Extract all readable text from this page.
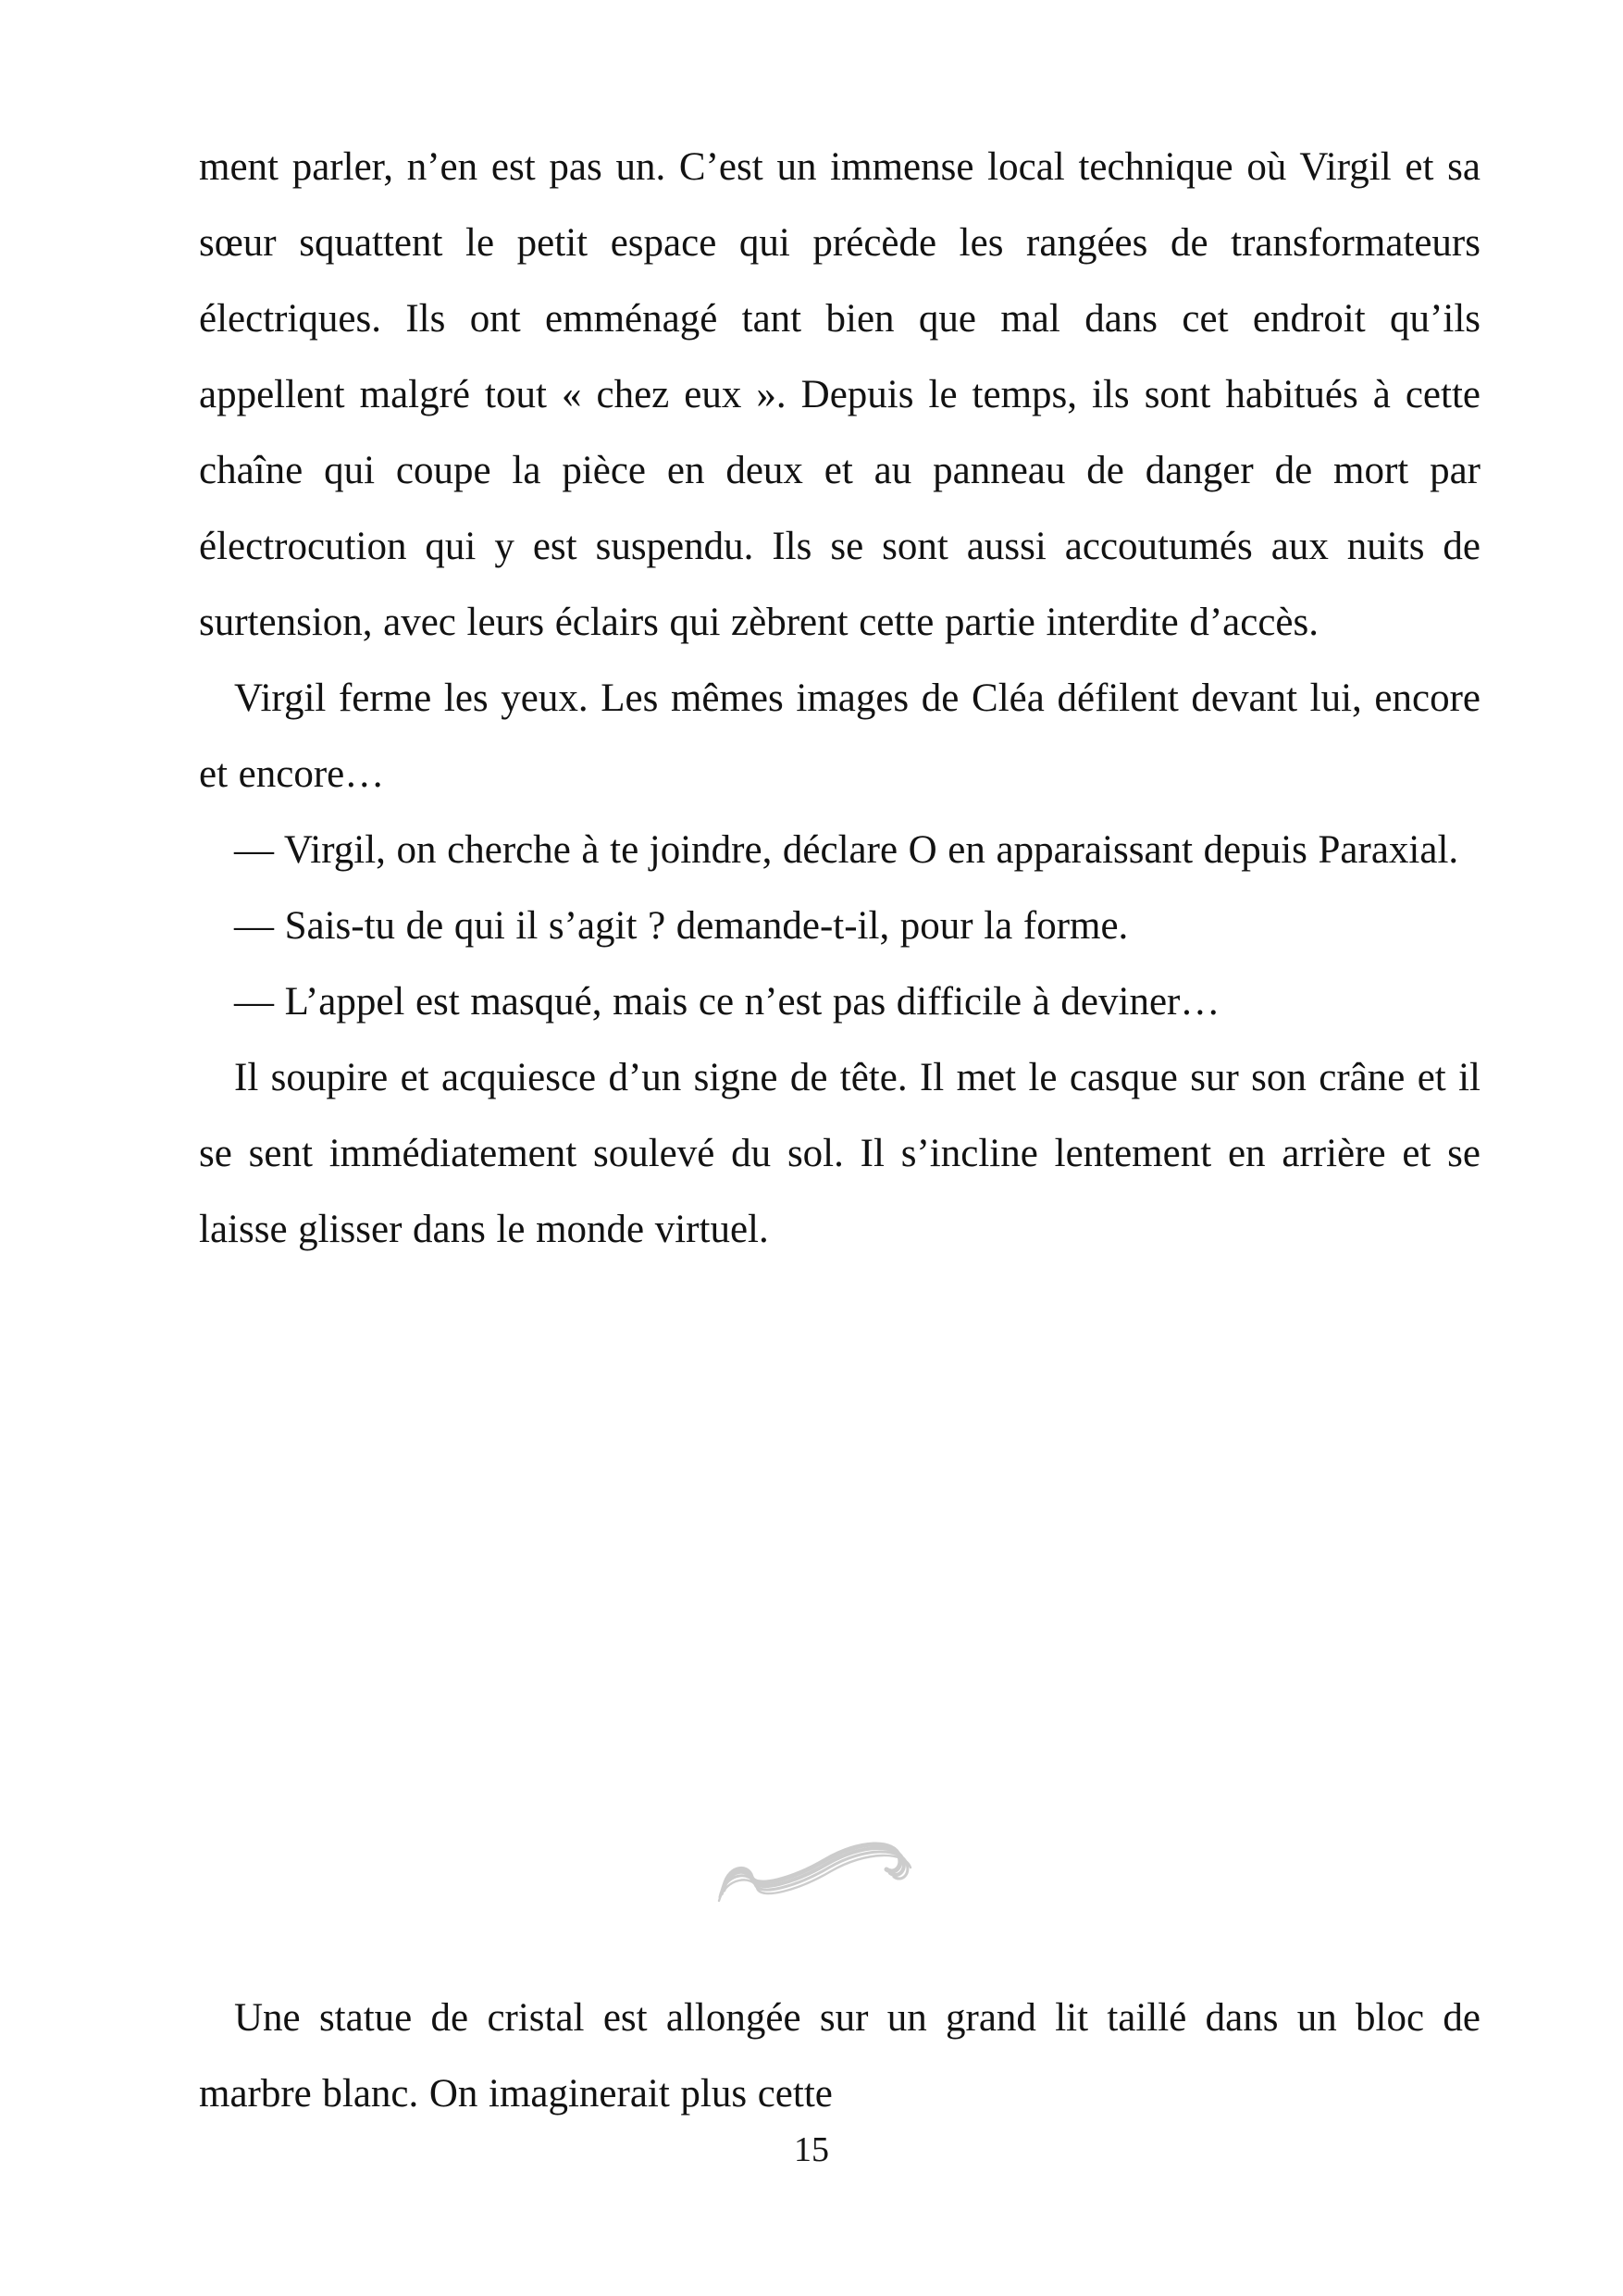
ment parler, n’en est pas un. C’est un immense local technique où Virgil et sa sœur squattent le petit espace qui précède les rangées de transformateurs électriques. Ils ont emménagé tant bien que mal dans cet endroit qu’ils appellent malgré tout « chez eux ». Depuis le temps, ils sont habitués à cette chaîne qui coupe la pièce en deux et au panneau de danger de mort par électrocution qui y est suspendu. Ils se sont aussi accoutumés aux nuits de surtension, avec leurs éclairs qui zèbrent cette partie interdite d’accès.

Virgil ferme les yeux. Les mêmes images de Cléa défilent devant lui, encore et encore…

— Virgil, on cherche à te joindre, déclare O en apparaissant depuis Paraxial.

— Sais-tu de qui il s’agit ? demande-t-il, pour la forme.

— L’appel est masqué, mais ce n’est pas difficile à deviner…

Il soupire et acquiesce d’un signe de tête. Il met le casque sur son crâne et il se sent immédiatement soulevé du sol. Il s’incline lentement en arrière et se laisse glisser dans le monde virtuel.

Une statue de cristal est allongée sur un grand lit taillé dans un bloc de marbre blanc. On imaginerait plus cette

15
